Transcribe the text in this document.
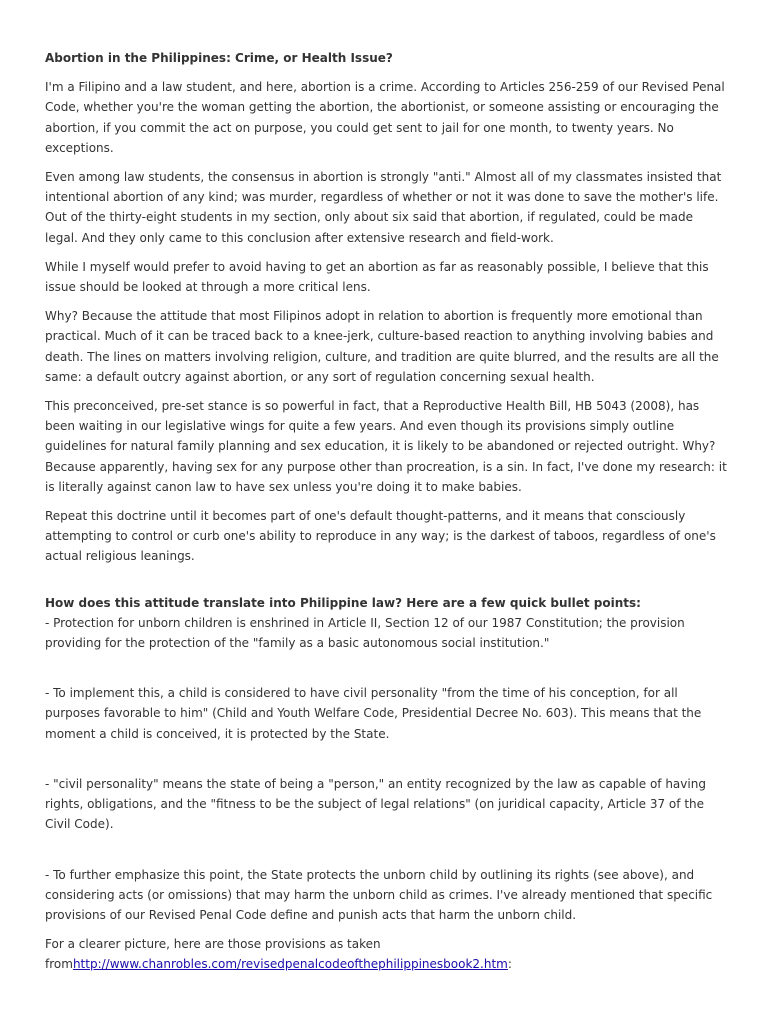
Abortion in the Philippines: Crime, or Health Issue?

I'm a Filipino and a law student, and here, abortion is a crime. According to Articles 256-259 of our Revised Penal Code, whether you're the woman getting the abortion, the abortionist, or someone assisting or encouraging the abortion, if you commit the act on purpose, you could get sent to jail for one month, to twenty years. No exceptions.

Even among law students, the consensus in abortion is strongly "anti." Almost all of my classmates insisted that intentional abortion of any kind; was murder, regardless of whether or not it was done to save the mother's life. Out of the thirty-eight students in my section, only about six said that abortion, if regulated, could be made legal. And they only came to this conclusion after extensive research and field-work.

While I myself would prefer to avoid having to get an abortion as far as reasonably possible, I believe that this issue should be looked at through a more critical lens.

Why? Because the attitude that most Filipinos adopt in relation to abortion is frequently more emotional than practical. Much of it can be traced back to a knee-jerk, culture-based reaction to anything involving babies and death. The lines on matters involving religion, culture, and tradition are quite blurred, and the results are all the same: a default outcry against abortion, or any sort of regulation concerning sexual health.

This preconceived, pre-set stance is so powerful in fact, that a Reproductive Health Bill, HB 5043 (2008), has been waiting in our legislative wings for quite a few years. And even though its provisions simply outline guidelines for natural family planning and sex education, it is likely to be abandoned or rejected outright. Why? Because apparently, having sex for any purpose other than procreation, is a sin. In fact, I've done my research: it is literally against canon law to have sex unless you're doing it to make babies.

Repeat this doctrine until it becomes part of one's default thought-patterns, and it means that consciously attempting to control or curb one's ability to reproduce in any way; is the darkest of taboos, regardless of one's actual religious leanings.

How does this attitude translate into Philippine law? Here are a few quick bullet points:

- Protection for unborn children is enshrined in Article II, Section 12 of our 1987 Constitution; the provision providing for the protection of the "family as a basic autonomous social institution."

- To implement this, a child is considered to have civil personality "from the time of his conception, for all purposes favorable to him" (Child and Youth Welfare Code, Presidential Decree No. 603). This means that the moment a child is conceived, it is protected by the State.

- "civil personality" means the state of being a "person," an entity recognized by the law as capable of having rights, obligations, and the "fitness to be the subject of legal relations" (on juridical capacity, Article 37 of the Civil Code).

- To further emphasize this point, the State protects the unborn child by outlining its rights (see above), and considering acts (or omissions) that may harm the unborn child as crimes. I've already mentioned that specific provisions of our Revised Penal Code define and punish acts that harm the unborn child.

For a clearer picture, here are those provisions as taken fromhttp://www.chanrobles.com/revisedpenalcodeofthephilippinesbook2.htm:
